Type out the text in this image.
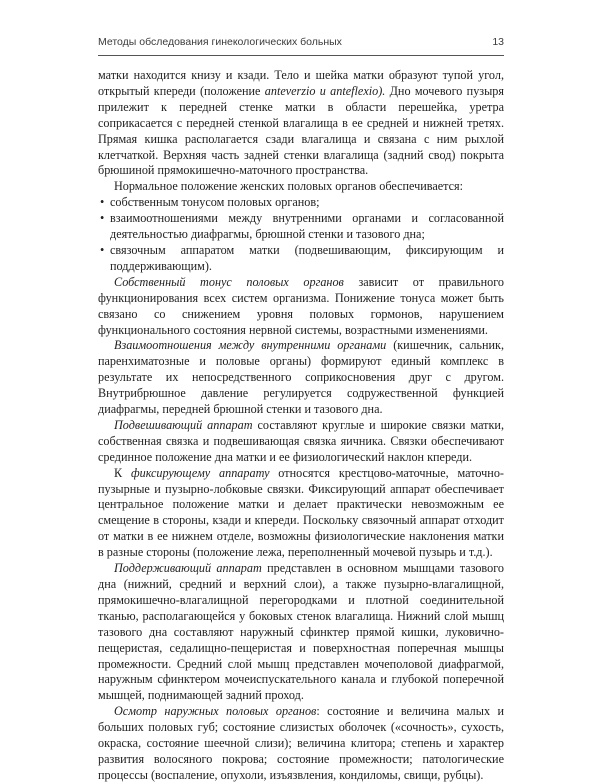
Методы обследования гинекологических больных	13

матки находится книзу и кзади. Тело и шейка матки образуют тупой угол, открытый кпереди (положение anteverzio и anteflexio). Дно мочевого пузыря прилежит к передней стенке матки в области перешейка, уретра соприкасается с передней стенкой влагалища в ее средней и нижней третях. Прямая кишка располагается сзади влагалища и связана с ним рыхлой клетчаткой. Верхняя часть задней стенки влагалища (задний свод) покрыта брюшиной прямокишечно-маточного пространства.

Нормальное положение женских половых органов обеспечивается:

• собственным тонусом половых органов;
• взаимоотношениями между внутренними органами и согласованной деятельностью диафрагмы, брюшной стенки и тазового дна;
• связочным аппаратом матки (подвешивающим, фиксирующим и поддерживающим).

Собственный тонус половых органов зависит от правильного функционирования всех систем организма. Понижение тонуса может быть связано со снижением уровня половых гормонов, нарушением функционального состояния нервной системы, возрастными изменениями.

Взаимоотношения между внутренними органами (кишечник, сальник, паренхиматозные и половые органы) формируют единый комплекс в результате их непосредственного соприкосновения друг с другом. Внутрибрюшное давление регулируется содружественной функцией диафрагмы, передней брюшной стенки и тазового дна.

Подвешивающий аппарат составляют круглые и широкие связки матки, собственная связка и подвешивающая связка яичника. Связки обеспечивают срединное положение дна матки и ее физиологический наклон кпереди.

К фиксирующему аппарату относятся крестцово-маточные, маточно-пузырные и пузырно-лобковые связки. Фиксирующий аппарат обеспечивает центральное положение матки и делает практически невозможным ее смещение в стороны, кзади и кпереди. Поскольку связочный аппарат отходит от матки в ее нижнем отделе, возможны физиологические наклонения матки в разные стороны (положение лежа, переполненный мочевой пузырь и т.д.).

Поддерживающий аппарат представлен в основном мышцами тазового дна (нижний, средний и верхний слои), а также пузырно-влагалищной, прямокишечно-влагалищной перегородками и плотной соединительной тканью, располагающейся у боковых стенок влагалища. Нижний слой мышц тазового дна составляют наружный сфинктер прямой кишки, луковично-пещеристая, седалищно-пещеристая и поверхностная поперечная мышцы промежности. Средний слой мышц представлен мочеполовой диафрагмой, наружным сфинктером мочеиспускательного канала и глубокой поперечной мышцей, поднимающей задний проход.

Осмотр наружных половых органов: состояние и величина малых и больших половых губ; состояние слизистых оболочек («сочность», сухость, окраска, состояние шеечной слизи); величина клитора; степень и характер развития волосяного покрова; состояние промежности; патологические процессы (воспаление, опухоли, изъязвления, кондиломы, свищи, рубцы).
